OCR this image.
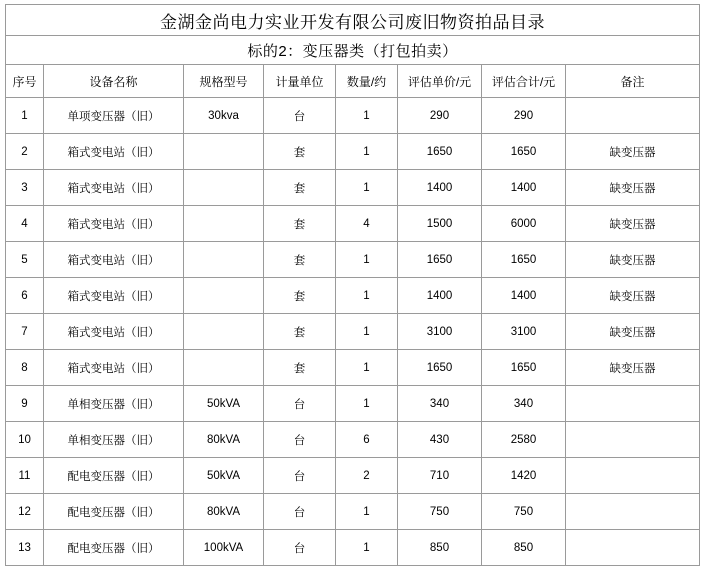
金湖金尚电力实业开发有限公司废旧物资拍品目录							
标的2：变压器类（打包拍卖）							
序号	设备名称	规格型号	计量单位	数量/约	评估单价/元	评估合计/元	备注
1	单项变压器（旧）	30kva	台	1	290	290	
2	箱式变电站（旧）		套	1	1650	1650	缺变压器
3	箱式变电站（旧）		套	1	1400	1400	缺变压器
4	箱式变电站（旧）		套	4	1500	6000	缺变压器
5	箱式变电站（旧）		套	1	1650	1650	缺变压器
6	箱式变电站（旧）		套	1	1400	1400	缺变压器
7	箱式变电站（旧）		套	1	3100	3100	缺变压器
8	箱式变电站（旧）		套	1	1650	1650	缺变压器
9	单相变压器（旧）	50kVA	台	1	340	340	
10	单相变压器（旧）	80kVA	台	6	430	2580	
11	配电变压器（旧）	50kVA	台	2	710	1420	
12	配电变压器（旧）	80kVA	台	1	750	750	
13	配电变压器（旧）	100kVA	台	1	850	850	
